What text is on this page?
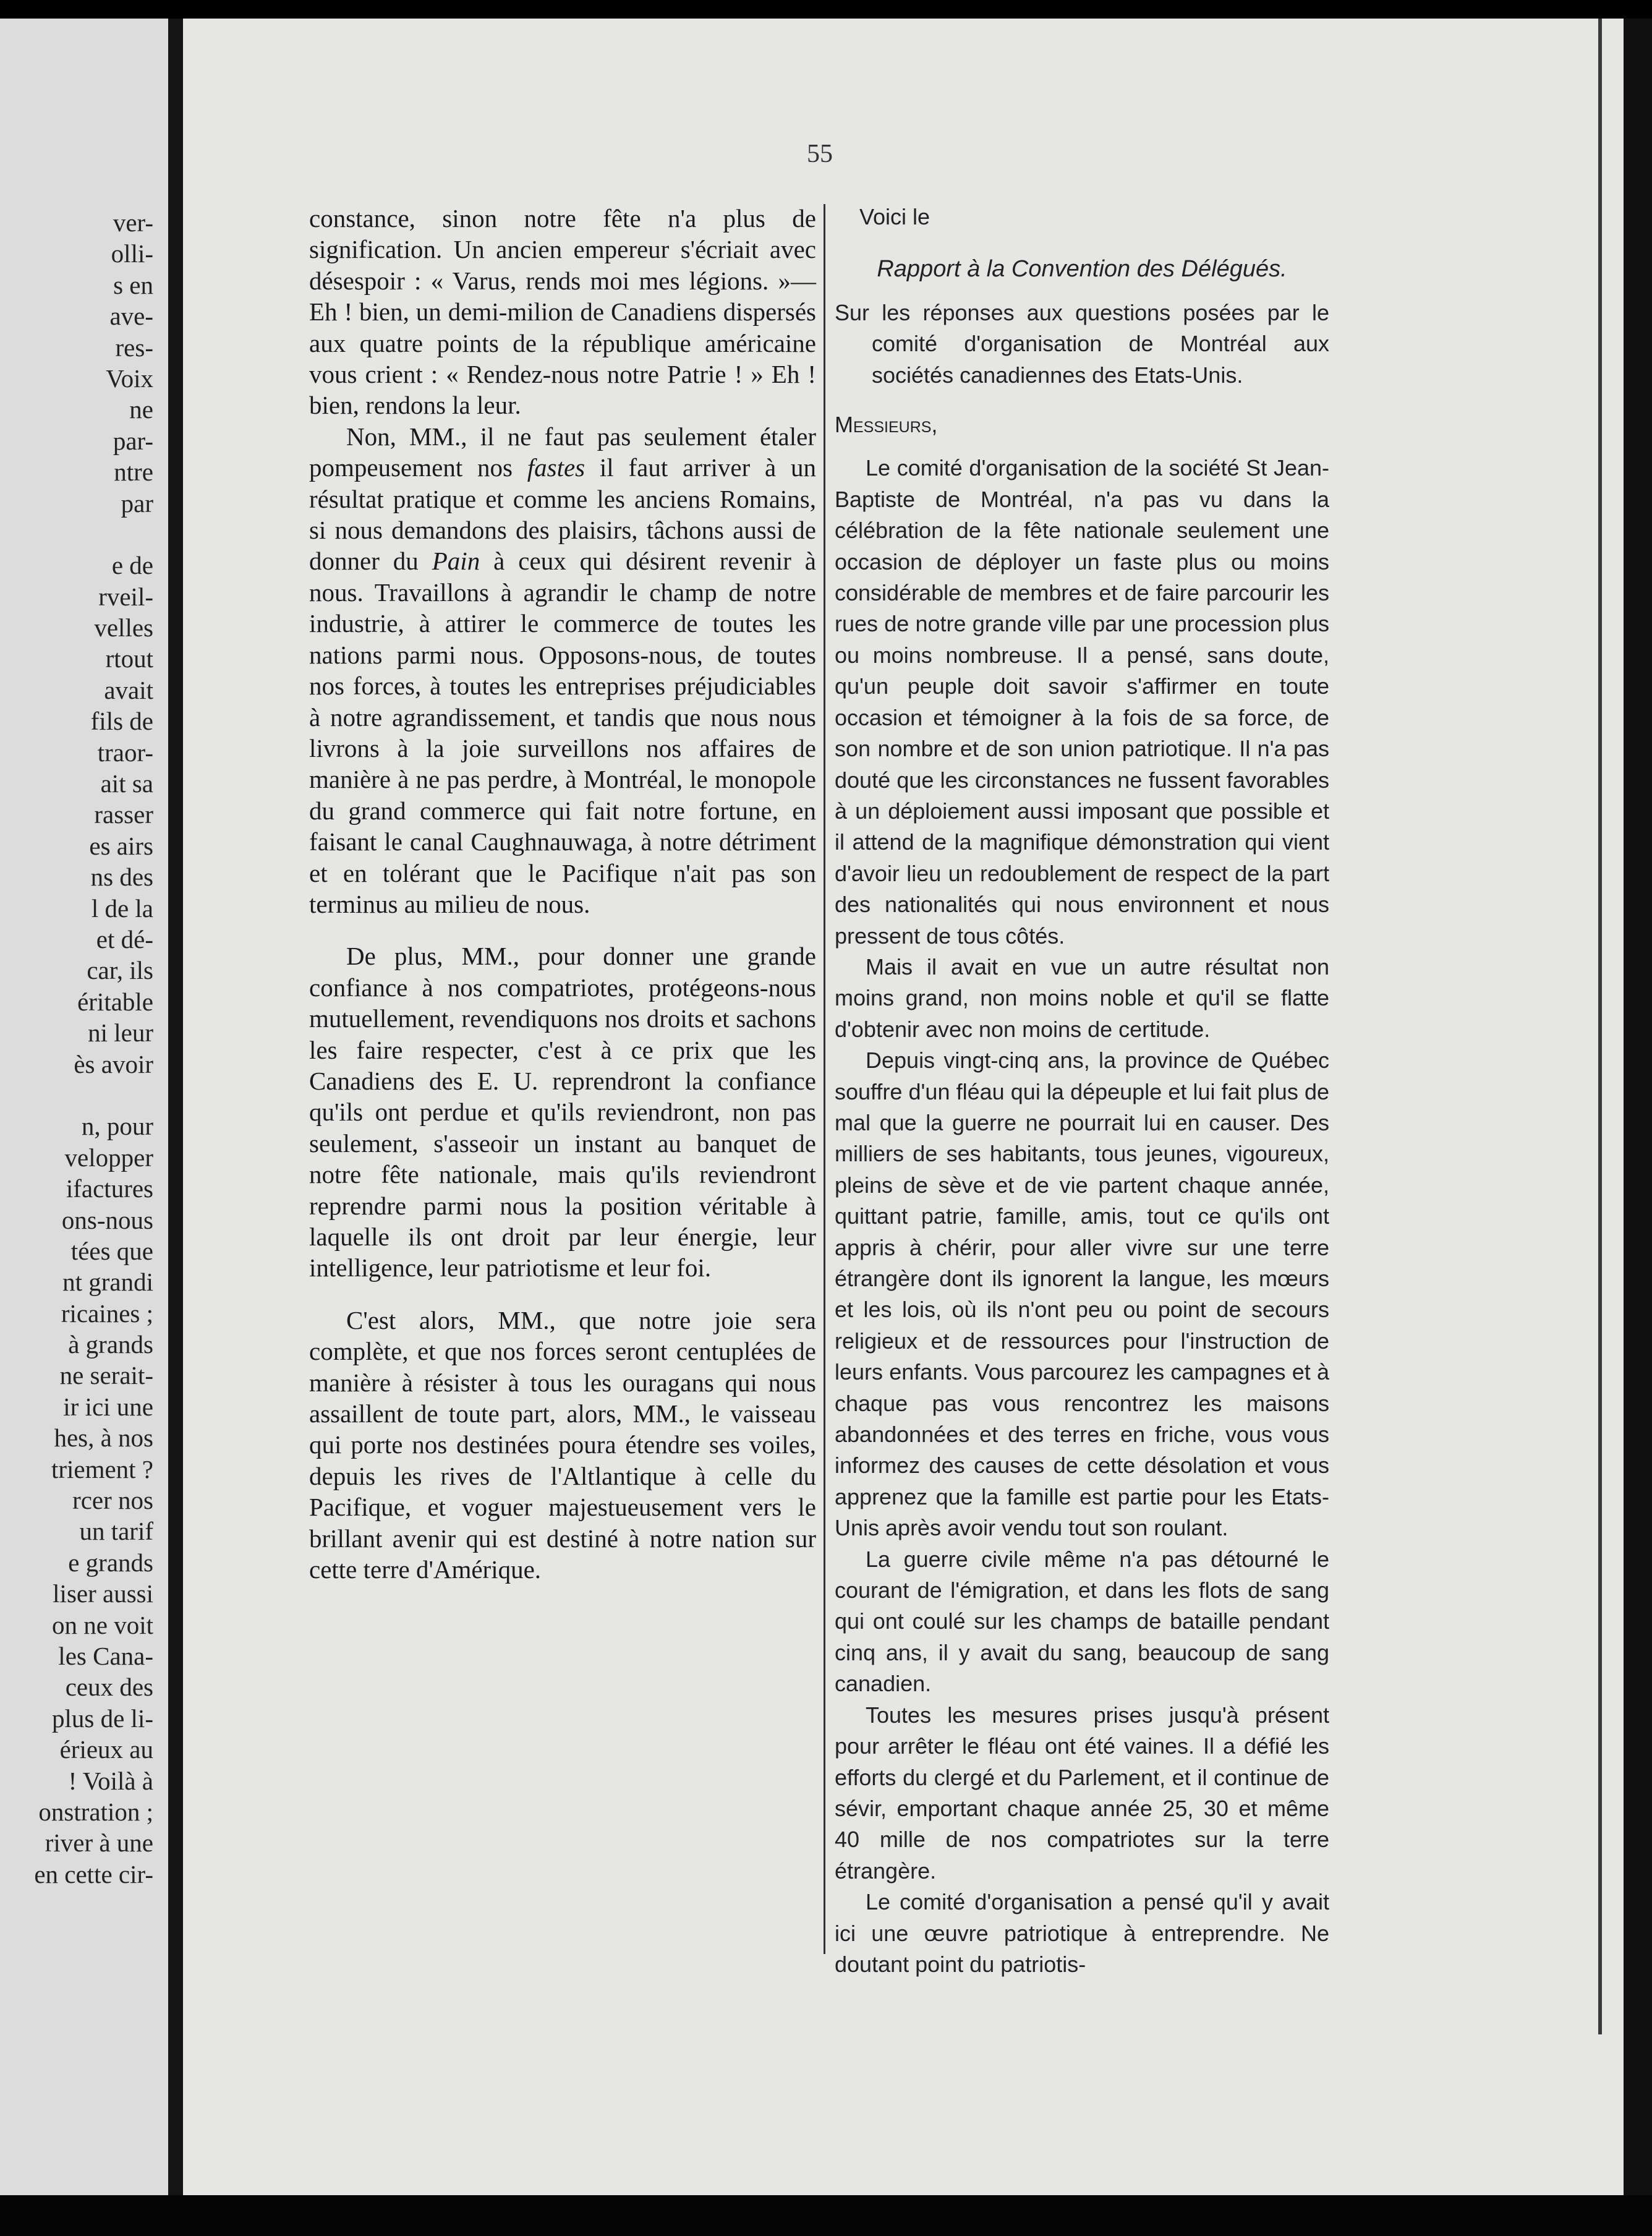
ver-
olli-
s en
ave-
res-
Voix
ne
par-
ntre
par
e de
rveil-
velles
rtout
avait
fils de
traor-
ait sa
rasser
es airs
ns des
l de la
et dé-
car, ils
éritable
ni leur
ès avoir
n, pour
velopper
ifactures
ons-nous
tées que
nt grandi
ricaines ;
à grands
ne serait-
ir ici une
hes, à nos
triement ?
rcer nos
un tarif
e grands
liser aussi
on ne voit
les Cana-
ceux des
plus de li-
érieux au
! Voilà à
onstration ;
river à une
en cette cir-
55

constance, sinon notre fête n'a plus de signification. Un ancien empereur s'écriait avec désespoir : « Varus, rends moi mes légions. »—Eh ! bien, un demi-milion de Canadiens dispersés aux quatre points de la république américaine vous crient : « Rendez-nous notre Patrie ! » Eh ! bien, rendons la leur.

Non, MM., il ne faut pas seulement étaler pompeusement nos fastes il faut arriver à un résultat pratique et comme les anciens Romains, si nous demandons des plaisirs, tâchons aussi de donner du Pain à ceux qui désirent revenir à nous. Travaillons à agrandir le champ de notre industrie, à attirer le commerce de toutes les nations parmi nous. Opposons-nous, de toutes nos forces, à toutes les entreprises préjudiciables à notre agrandissement, et tandis que nous nous livrons à la joie surveillons nos affaires de manière à ne pas perdre, à Montréal, le monopole du grand commerce qui fait notre fortune, en faisant le canal Caughnauwaga, à notre détriment et en tolérant que le Pacifique n'ait pas son terminus au milieu de nous.

De plus, MM., pour donner une grande confiance à nos compatriotes, protégeons-nous mutuellement, revendiquons nos droits et sachons les faire respecter, c'est à ce prix que les Canadiens des E. U. reprendront la confiance qu'ils ont perdue et qu'ils reviendront, non pas seulement, s'asseoir un instant au banquet de notre fête nationale, mais qu'ils reviendront reprendre parmi nous la position véritable à laquelle ils ont droit par leur énergie, leur intelligence, leur patriotisme et leur foi.

C'est alors, MM., que notre joie sera complète, et que nos forces seront centuplées de manière à résister à tous les ouragans qui nous assaillent de toute part, alors, MM., le vaisseau qui porte nos destinées poura étendre ses voiles, depuis les rives de l'Altlantique à celle du Pacifique, et voguer majestueusement vers le brillant avenir qui est destiné à notre nation sur cette terre d'Amérique.

Voici le

Rapport à la Convention des Délégués.

Sur les réponses aux questions posées par le comité d'organisation de Montréal aux sociétés canadiennes des Etats-Unis.

Messieurs,

Le comité d'organisation de la société St Jean-Baptiste de Montréal, n'a pas vu dans la célébration de la fête nationale seulement une occasion de déployer un faste plus ou moins considérable de membres et de faire parcourir les rues de notre grande ville par une procession plus ou moins nombreuse. Il a pensé, sans doute, qu'un peuple doit savoir s'affirmer en toute occasion et témoigner à la fois de sa force, de son nombre et de son union patriotique. Il n'a pas douté que les circonstances ne fussent favorables à un déploiement aussi imposant que possible et il attend de la magnifique démonstration qui vient d'avoir lieu un redoublement de respect de la part des nationalités qui nous environnent et nous pressent de tous côtés.

Mais il avait en vue un autre résultat non moins grand, non moins noble et qu'il se flatte d'obtenir avec non moins de certitude.

Depuis vingt-cinq ans, la province de Québec souffre d'un fléau qui la dépeuple et lui fait plus de mal que la guerre ne pourrait lui en causer. Des milliers de ses habitants, tous jeunes, vigoureux, pleins de sève et de vie partent chaque année, quittant patrie, famille, amis, tout ce qu'ils ont appris à chérir, pour aller vivre sur une terre étrangère dont ils ignorent la langue, les mœurs et les lois, où ils n'ont peu ou point de secours religieux et de ressources pour l'instruction de leurs enfants. Vous parcourez les campagnes et à chaque pas vous rencontrez les maisons abandonnées et des terres en friche, vous vous informez des causes de cette désolation et vous apprenez que la famille est partie pour les Etats-Unis après avoir vendu tout son roulant.

La guerre civile même n'a pas détourné le courant de l'émigration, et dans les flots de sang qui ont coulé sur les champs de bataille pendant cinq ans, il y avait du sang, beaucoup de sang canadien.

Toutes les mesures prises jusqu'à présent pour arrêter le fléau ont été vaines. Il a défié les efforts du clergé et du Parlement, et il continue de sévir, emportant chaque année 25, 30 et même 40 mille de nos compatriotes sur la terre étrangère.

Le comité d'organisation a pensé qu'il y avait ici une œuvre patriotique à entreprendre. Ne doutant point du patriotis-
